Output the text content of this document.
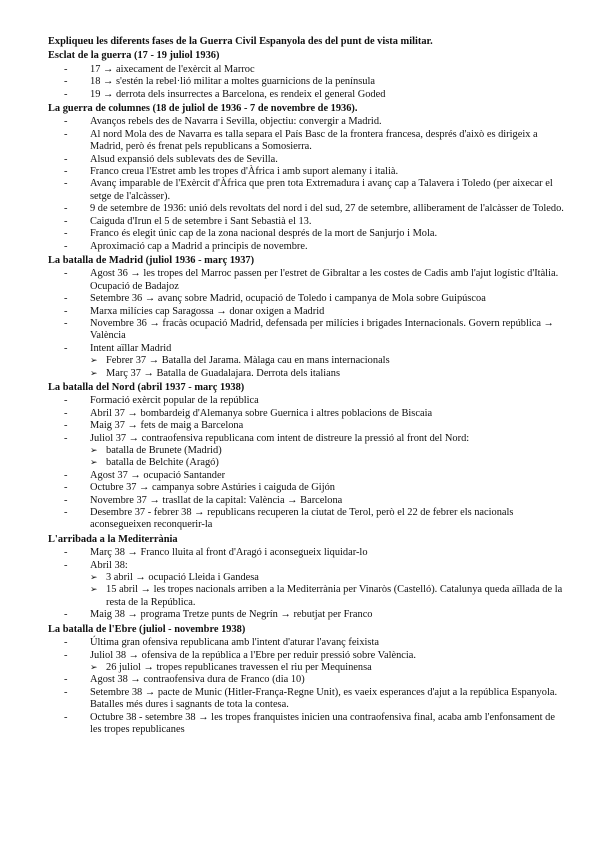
Expliqueu les diferents fases de la Guerra Civil Espanyola des del punt de vista militar.
Esclat de la guerra (17 - 19 juliol 1936)
- 17 → aixecament de l'exèrcit al Marroc
- 18 → s'estén la rebel·lió militar a moltes guarnicions de la península
- 19 → derrota dels insurrectes a Barcelona, es rendeix el general Goded
La guerra de columnes (18 de juliol de 1936 - 7 de novembre de 1936).
- Avanços rebels des de Navarra i Sevilla, objectiu: convergir a Madrid.
- Al nord Mola des de Navarra es talla separa el País Basc de la frontera francesa, després d'això es dirigeix a Madrid, però és frenat pels republicans a Somosierra.
- Alsud expansió dels sublevats des de Sevilla.
- Franco creua l'Estret amb les tropes d'Àfrica i amb suport alemany i italià.
- Avanç imparable de l'Exèrcit d'Àfrica que pren tota Extremadura i avanç cap a Talavera i Toledo (per aixecar el setge de l'alcàsser).
- 9 de setembre de 1936: unió dels revoltats del nord i del sud, 27 de setembre, alliberament de l'alcàsser de Toledo.
- Caiguda d'Irun el 5 de setembre i Sant Sebastià el 13.
- Franco és elegit únic cap de la zona nacional després de la mort de Sanjurjo i Mola.
- Aproximació cap a Madrid a principis de novembre.
La batalla de Madrid (juliol 1936 - març 1937)
- Agost 36 → les tropes del Marroc passen per l'estret de Gibraltar a les costes de Cadis amb l'ajut logístic d'Itàlia. Ocupació de Badajoz
- Setembre 36 → avanç sobre Madrid, ocupació de Toledo i campanya de Mola sobre Guipúscoa
- Marxa milícies cap Saragossa → donar oxigen a Madrid
- Novembre 36 → fracàs ocupació Madrid, defensada per milícies i brigades Internacionals. Govern república → València
- Intent aïllar Madrid
➢ Febrer 37 → Batalla del Jarama. Màlaga cau en mans internacionals
➢ Març 37 → Batalla de Guadalajara. Derrota dels italians
La batalla del Nord (abril 1937 - març 1938)
- Formació exèrcit popular de la república
- Abril 37 → bombardeig d'Alemanya sobre Guernica i altres poblacions de Biscaia
- Maig 37 → fets de maig a Barcelona
- Juliol 37 → contraofensiva republicana com intent de distreure la pressió al front del Nord:
➢ batalla de Brunete (Madrid)
➢ batalla de Belchite (Aragó)
- Agost 37 → ocupació Santander
- Octubre 37 → campanya sobre Astúries i caiguda de Gijón
- Novembre 37 → trasllat de la capital: València → Barcelona
- Desembre 37 - febrer 38 → republicans recuperen la ciutat de Terol, però el 22 de febrer els nacionals aconsegueixen reconquerir-la
L'arribada a la Mediterrània
- Març 38 → Franco lluita al front d'Aragó i aconsegueix liquidar-lo
- Abril 38:
➢ 3 abril → ocupació Lleida i Gandesa
➢ 15 abril → les tropes nacionals arriben a la Mediterrània per Vinaròs (Castelló). Catalunya queda aïllada de la resta de la República.
- Maig 38 → programa Tretze punts de Negrín → rebutjat per Franco
La batalla de l'Ebre (juliol - novembre 1938)
- Última gran ofensiva republicana amb l'intent d'aturar l'avanç feixista
- Juliol 38 → ofensiva de la república a l'Ebre per reduir pressió sobre València.
➢ 26 juliol → tropes republicanes travessen el riu per Mequinensa
- Agost 38 → contraofensiva dura de Franco (dia 10)
- Setembre 38 → pacte de Munic (Hitler-França-Regne Unit), es vaeix esperances d'ajut a la república Espanyola. Batalles més dures i sagnants de tota la contesa.
- Octubre 38 - setembre 38 → les tropes franquistes inicien una contraofensiva final, acaba amb l'enfonsament de les tropes republicanes
